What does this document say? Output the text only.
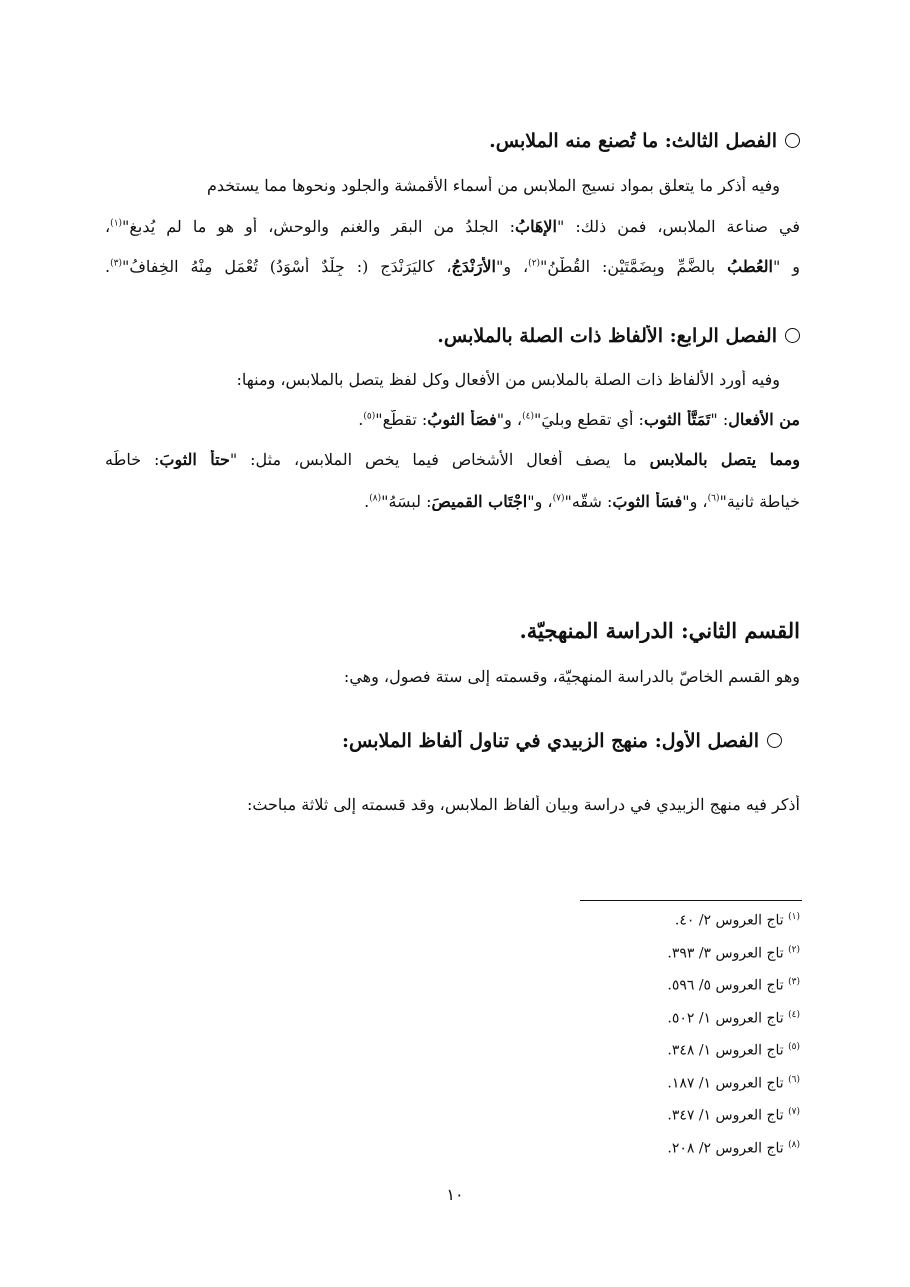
الفصل الثالث: ما تُصنع منه الملابس.
وفيه أذكر ما يتعلق بمواد نسيج الملابس من أسماء الأقمشة والجلود ونحوها مما يستخدم
في صناعة الملابس، فمن ذلك: "الإهَابُ: الجلدُ من البقر والغنم والوحش، أو هو ما لم يُدبغ"$^{(١)}$،
و "العُطبُ بالضَّمِّ وبِضَمَّتَيْن: القُطْنُ"$^{(٢)}$، و"الأَرَنْدَجُ، كاليَرَنْدَج (: جِلْدٌ أَسْوَدُ) تُعْمَل مِنْهُ الخِفافُ"$^{(٣)}$.
الفصل الرابع: الألفاظ ذات الصلة بالملابس.
وفيه أورد الألفاظ ذات الصلة بالملابس من الأفعال وكل لفظ يتصل بالملابس، ومنها:
من الأفعال: "تَمَتَّأ الثوب: أي تقطع وبليَ"$^{(٤)}$، و"فصَأَ الثوبُ: تقطّع"$^{(٥)}$.
ومما يتصل بالملابس ما يصف أفعال الأشخاص فيما يخص الملابس، مثل: "حتأ الثوبَ: خاطَه
خياطة ثانية"$^{(٦)}$، و"فسَأَ الثوبَ: شقّه"$^{(٧)}$، و"اجْتَاب القميصَ: لبسَهُ"$^{(٨)}$.
القسم الثاني: الدراسة المنهجيّة.
وهو القسم الخاصّ بالدراسة المنهجيّة، وقسمته إلى ستة فصول، وهي:
الفصل الأول: منهج الزبيدي في تناول ألفاظ الملابس:
أذكر فيه منهج الزبيدي في دراسة وبيان ألفاظ الملابس، وقد قسمته إلى ثلاثة مباحث:
$^{(١)}$ تاج العروس ٢/ ٤٠.
$^{(٢)}$ تاج العروس ٣/ ٣٩٣.
$^{(٣)}$ تاج العروس ٥/ ٥٩٦.
$^{(٤)}$ تاج العروس ١/ ٥٠٢.
$^{(٥)}$ تاج العروس ١/ ٣٤٨.
$^{(٦)}$ تاج العروس ١/ ١٨٧.
$^{(٧)}$ تاج العروس ١/ ٣٤٧.
$^{(٨)}$ تاج العروس ٢/ ٢٠٨.
١٠
